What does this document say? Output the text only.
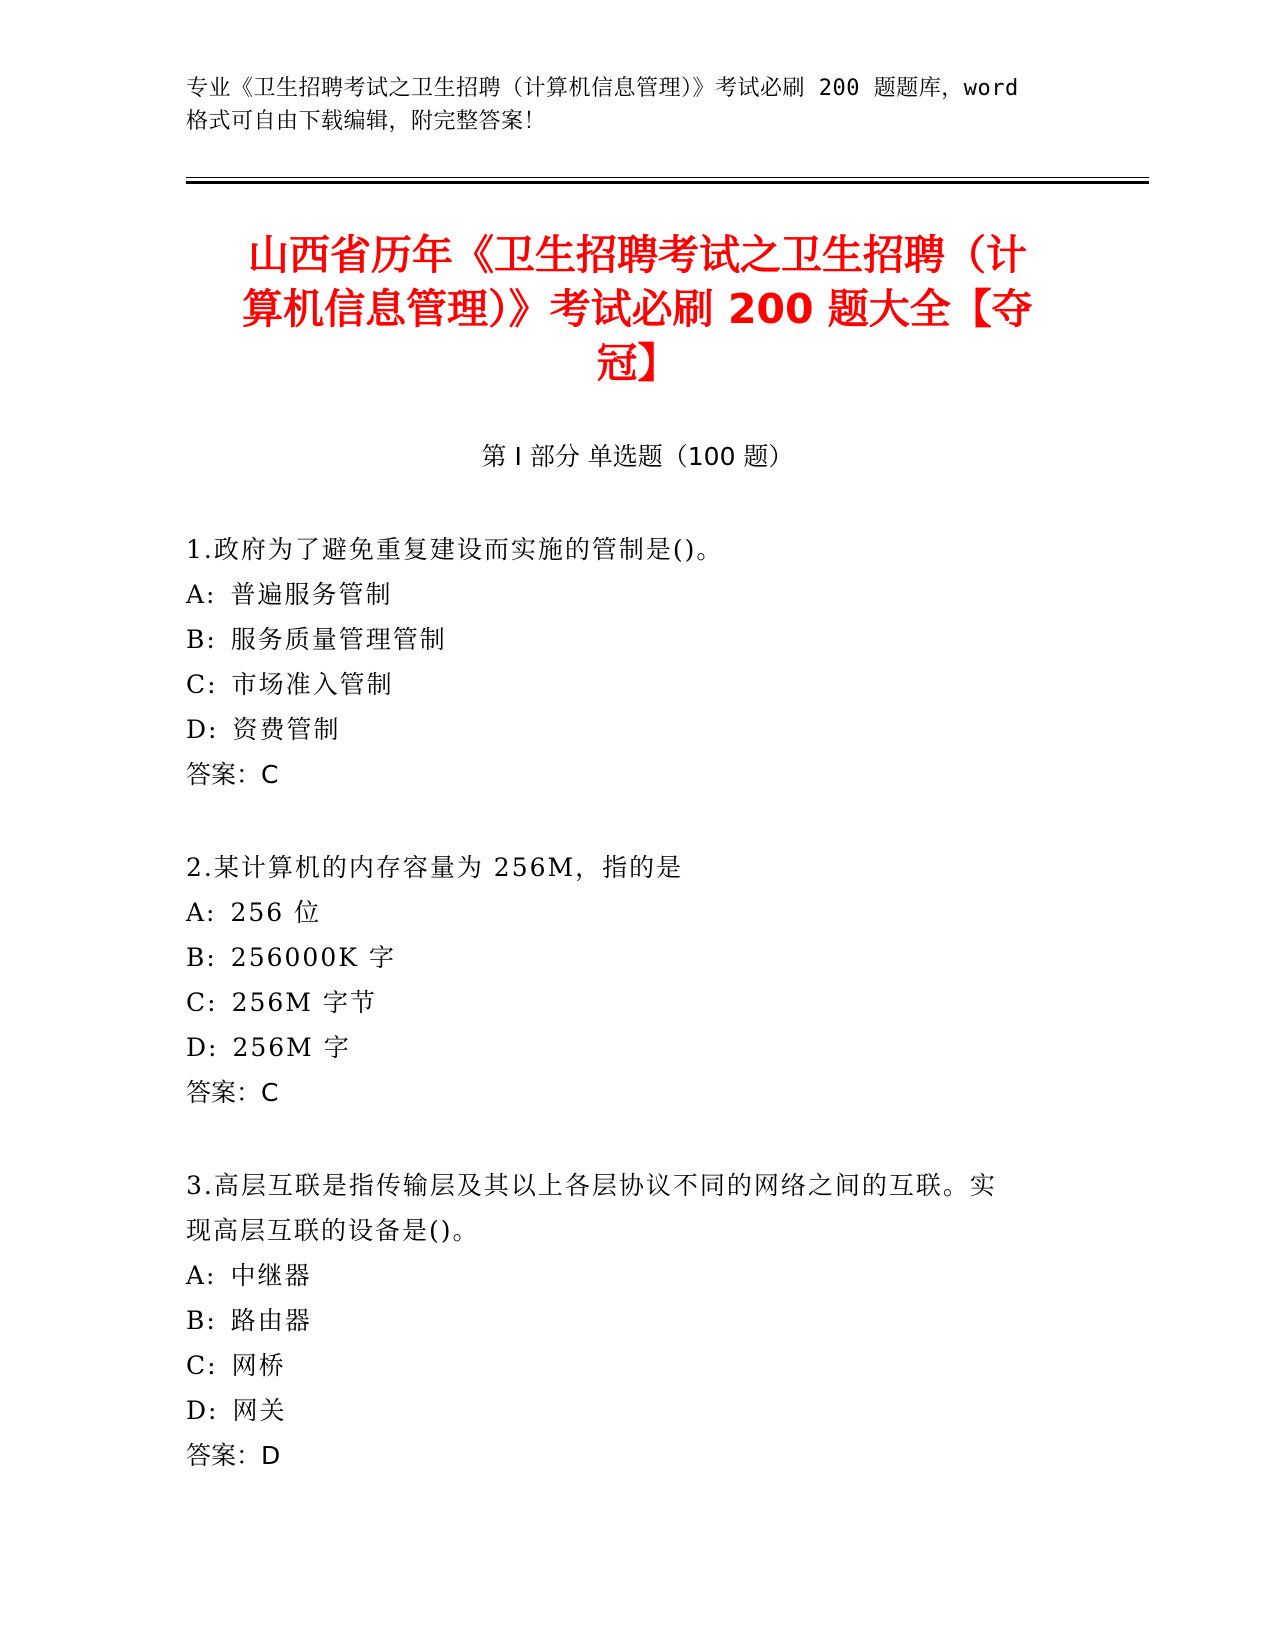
专业《卫生招聘考试之卫生招聘（计算机信息管理）》考试必刷 200 题题库，word
格式可自由下载编辑，附完整答案！
山西省历年《卫生招聘考试之卫生招聘（计
算机信息管理）》考试必刷 200 题大全【夺
冠】
第 I 部分 单选题（100 题）
1.政府为了避免重复建设而实施的管制是()。
A: 普遍服务管制
B: 服务质量管理管制
C: 市场准入管制
D: 资费管制
答案：C
2.某计算机的内存容量为 256M，指的是
A: 256 位
B: 256000K 字
C: 256M 字节
D: 256M 字
答案：C
3.高层互联是指传输层及其以上各层协议不同的网络之间的互联。实
现高层互联的设备是()。
A: 中继器
B: 路由器
C: 网桥
D: 网关
答案：D
